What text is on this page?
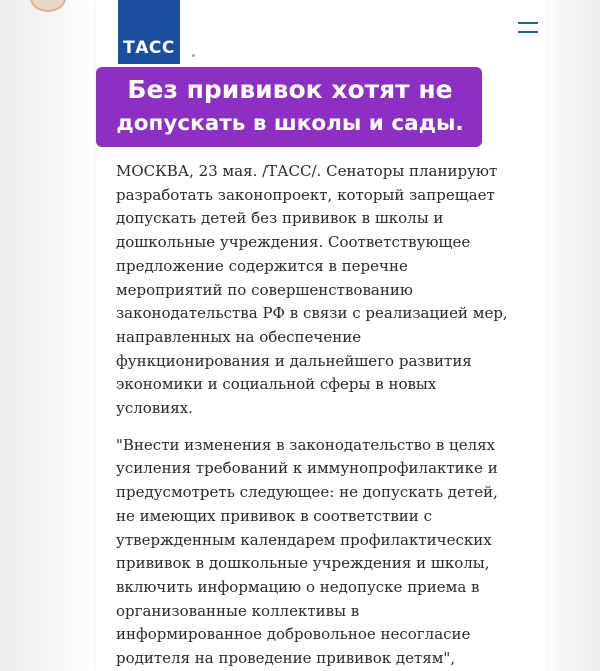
ТАСС
Без прививок хотят не
допускать в школы и сады.
МОСКВА, 23 мая. /ТАСС/. Сенаторы планируют
разработать законопроект, который запрещает
допускать детей без прививок в школы и
дошкольные учреждения. Соответствующее
предложение содержится в перечне
мероприятий по совершенствованию
законодательства РФ в связи с реализацией мер,
направленных на обеспечение
функционирования и дальнейшего развития
экономики и социальной сферы в новых
условиях.
"Внести изменения в законодательство в целях
усиления требований к иммунопрофилактике и
предусмотреть следующее: не допускать детей,
не имеющих прививок в соответствии с
утвержденным календарем профилактических
прививок в дошкольные учреждения и школы,
включить информацию о недопуске приема в
организованные коллективы в
информированное добровольное несогласие
родителя на проведение прививок детям",
